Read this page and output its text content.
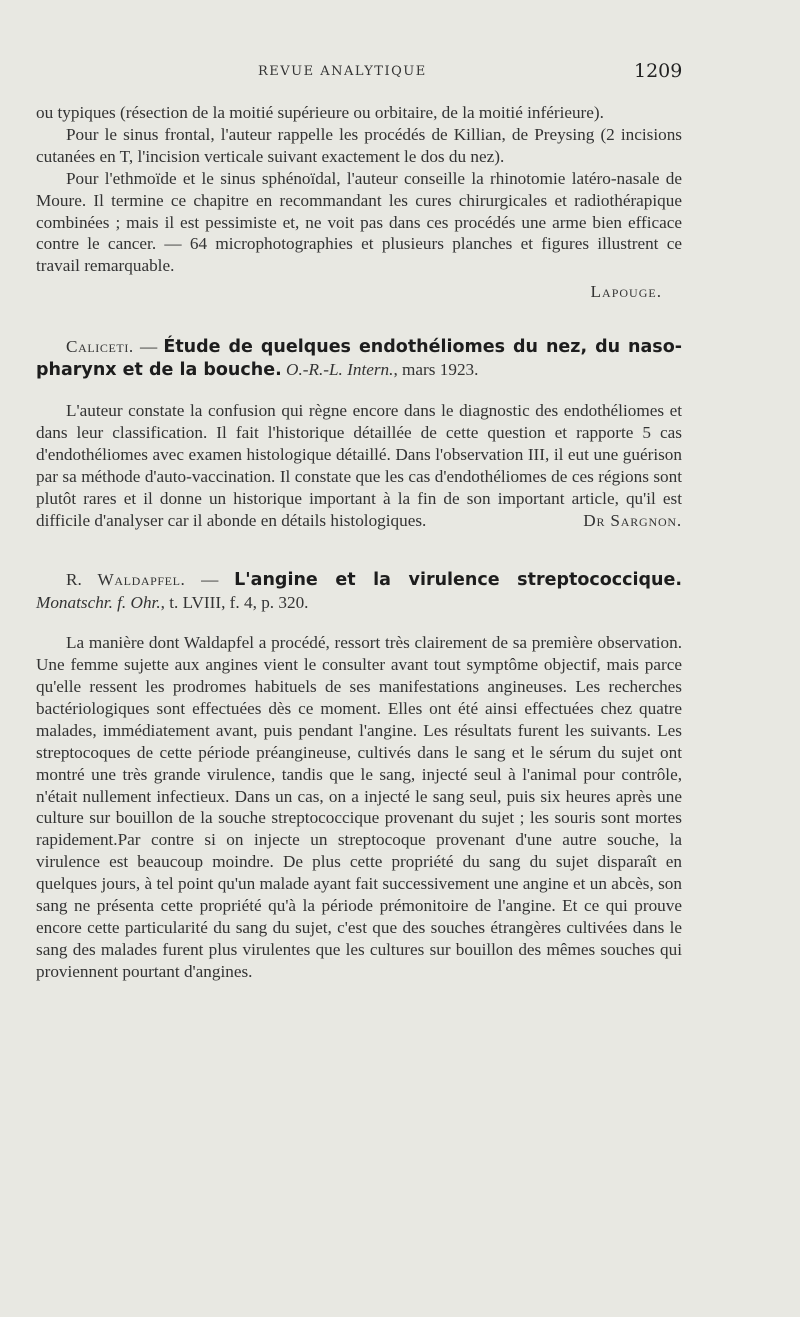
REVUE ANALYTIQUE	1209

ou typiques (résection de la moitié supérieure ou orbitaire, de la moitié inférieure).

Pour le sinus frontal, l'auteur rappelle les procédés de Killian, de Preysing (2 incisions cutanées en T, l'incision verticale suivant exactement le dos du nez).

Pour l'ethmoïde et le sinus sphénoïdal, l'auteur conseille la rhinotomie latéro-nasale de Moure. Il termine ce chapitre en recommandant les cures chirurgicales et radiothérapique combinées ; mais il est pessimiste et, ne voit pas dans ces procédés une arme bien efficace contre le cancer. — 64 microphotographies et plusieurs planches et figures illustrent ce travail remarquable.

Lapouge.

Caliceti. — Étude de quelques endothéliomes du nez, du naso-pharynx et de la bouche. O.-R.-L. Intern., mars 1923.

L'auteur constate la confusion qui règne encore dans le diagnostic des endothéliomes et dans leur classification. Il fait l'historique détaillée de cette question et rapporte 5 cas d'endothéliomes avec examen histologique détaillé. Dans l'observation III, il eut une guérison par sa méthode d'auto-vaccination. Il constate que les cas d'endothéliomes de ces régions sont plutôt rares et il donne un historique important à la fin de son important article, qu'il est difficile d'analyser car il abonde en détails histologiques.	Dr Sargnon.

R. Waldapfel. — L'angine et la virulence streptococcique. Monatschr. f. Ohr., t. LVIII, f. 4, p. 320.

La manière dont Waldapfel a procédé, ressort très clairement de sa première observation. Une femme sujette aux angines vient le consulter avant tout symptôme objectif, mais parce qu'elle ressent les prodromes habituels de ses manifestations angineuses. Les recherches bactériologiques sont effectuées dès ce moment. Elles ont été ainsi effectuées chez quatre malades, immédiatement avant, puis pendant l'angine. Les résultats furent les suivants. Les streptocoques de cette période préangineuse, cultivés dans le sang et le sérum du sujet ont montré une très grande virulence, tandis que le sang, injecté seul à l'animal pour contrôle, n'était nullement infectieux. Dans un cas, on a injecté le sang seul, puis six heures après une culture sur bouillon de la souche streptococcique provenant du sujet ; les souris sont mortes rapidement.Par contre si on injecte un streptocoque provenant d'une autre souche, la virulence est beaucoup moindre. De plus cette propriété du sang du sujet disparaît en quelques jours, à tel point qu'un malade ayant fait successivement une angine et un abcès, son sang ne présenta cette propriété qu'à la période prémonitoire de l'angine. Et ce qui prouve encore cette particularité du sang du sujet, c'est que des souches étrangères cultivées dans le sang des malades furent plus virulentes que les cultures sur bouillon des mêmes souches qui proviennent pourtant d'angines.
